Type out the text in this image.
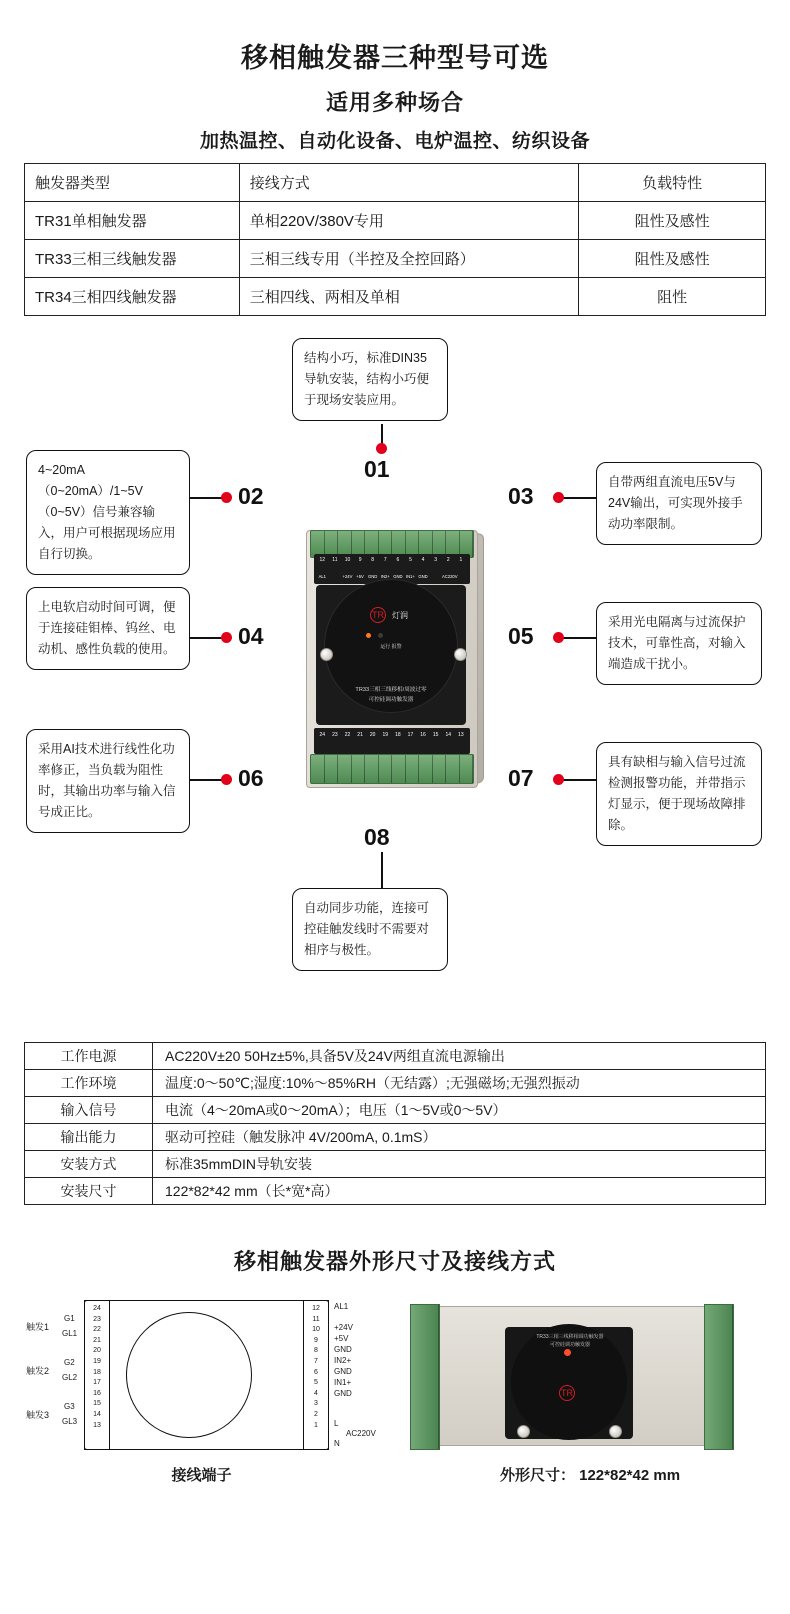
移相触发器三种型号可选
适用多种场合
加热温控、自动化设备、电炉温控、纺织设备
触发器类型	接线方式	负载特性
TR31单相触发器	单相220V/380V专用	阻性及感性
TR33三相三线触发器	三相三线专用（半控及全控回路）	阻性及感性
TR34三相四线触发器	三相四线、两相及单相	阻性
结构小巧，标准DIN35导轨安装，结构小巧便于现场安装应用。
01
4~20mA（0~20mA）/1~5V（0~5V）信号兼容输入，用户可根据现场应用自行切换。
02
自带两组直流电压5V与24V输出，可实现外接手动功率限制。
03
上电软启动时间可调，便于连接硅钼棒、钨丝、电动机、感性负载的使用。	04
采用光电隔离与过流保护技术，可靠性高，对输入端造成干扰小。
05
采用AI技术进行线性化功率修正，当负载为阻性时，其输出功率与输入信号成正比。
06
具有缺相与输入信号过流检测报警功能，并带指示灯显示，便于现场故障排除。
07
08
自动同步功能，连接可控硅触发线时不需要对相序与极性。
12	11	10	9	8	7	6	5	4	3	2	1
AL1	+24V +5V GND IN2+ GND IN1+ GND	AC220V
TR 灯润
运行 报警
TR33三相三线移相/周波过零
可控硅调功触发器
24	23	22	21	20	19	18	17	16	15	14	13
工作电源	AC220V±20 50Hz±5%,具备5V及24V两组直流电源输出
工作环境	温度:0～50℃;湿度:10%～85%RH（无结露）;无强磁场;无强烈振动
输入信号	电流（4～20mA或0～20mA）；电压（1～5V或0～5V）
输出能力	驱动可控硅（触发脉冲 4V/200mA, 0.1mS）
安装方式	标准35mmDIN导轨安装
安装尺寸	122*82*42 mm（长*宽*高）
移相触发器外形尺寸及接线方式
24
23
22
21
20
19
18
17
16
15
14
13
触发1
触发2
触发3
G1
GL1
G2
GL2
G3
GL3
12
11
10
9
8
7
6
5
4
3
2
1
AL1
+24V
+5V
GND
IN2+
GND
IN1+
GND
L
N
AC220V
接线端子
TR
TR33三相三线移相调功触发器
可控硅调功触发器
外形尺寸： 122*82*42 mm
